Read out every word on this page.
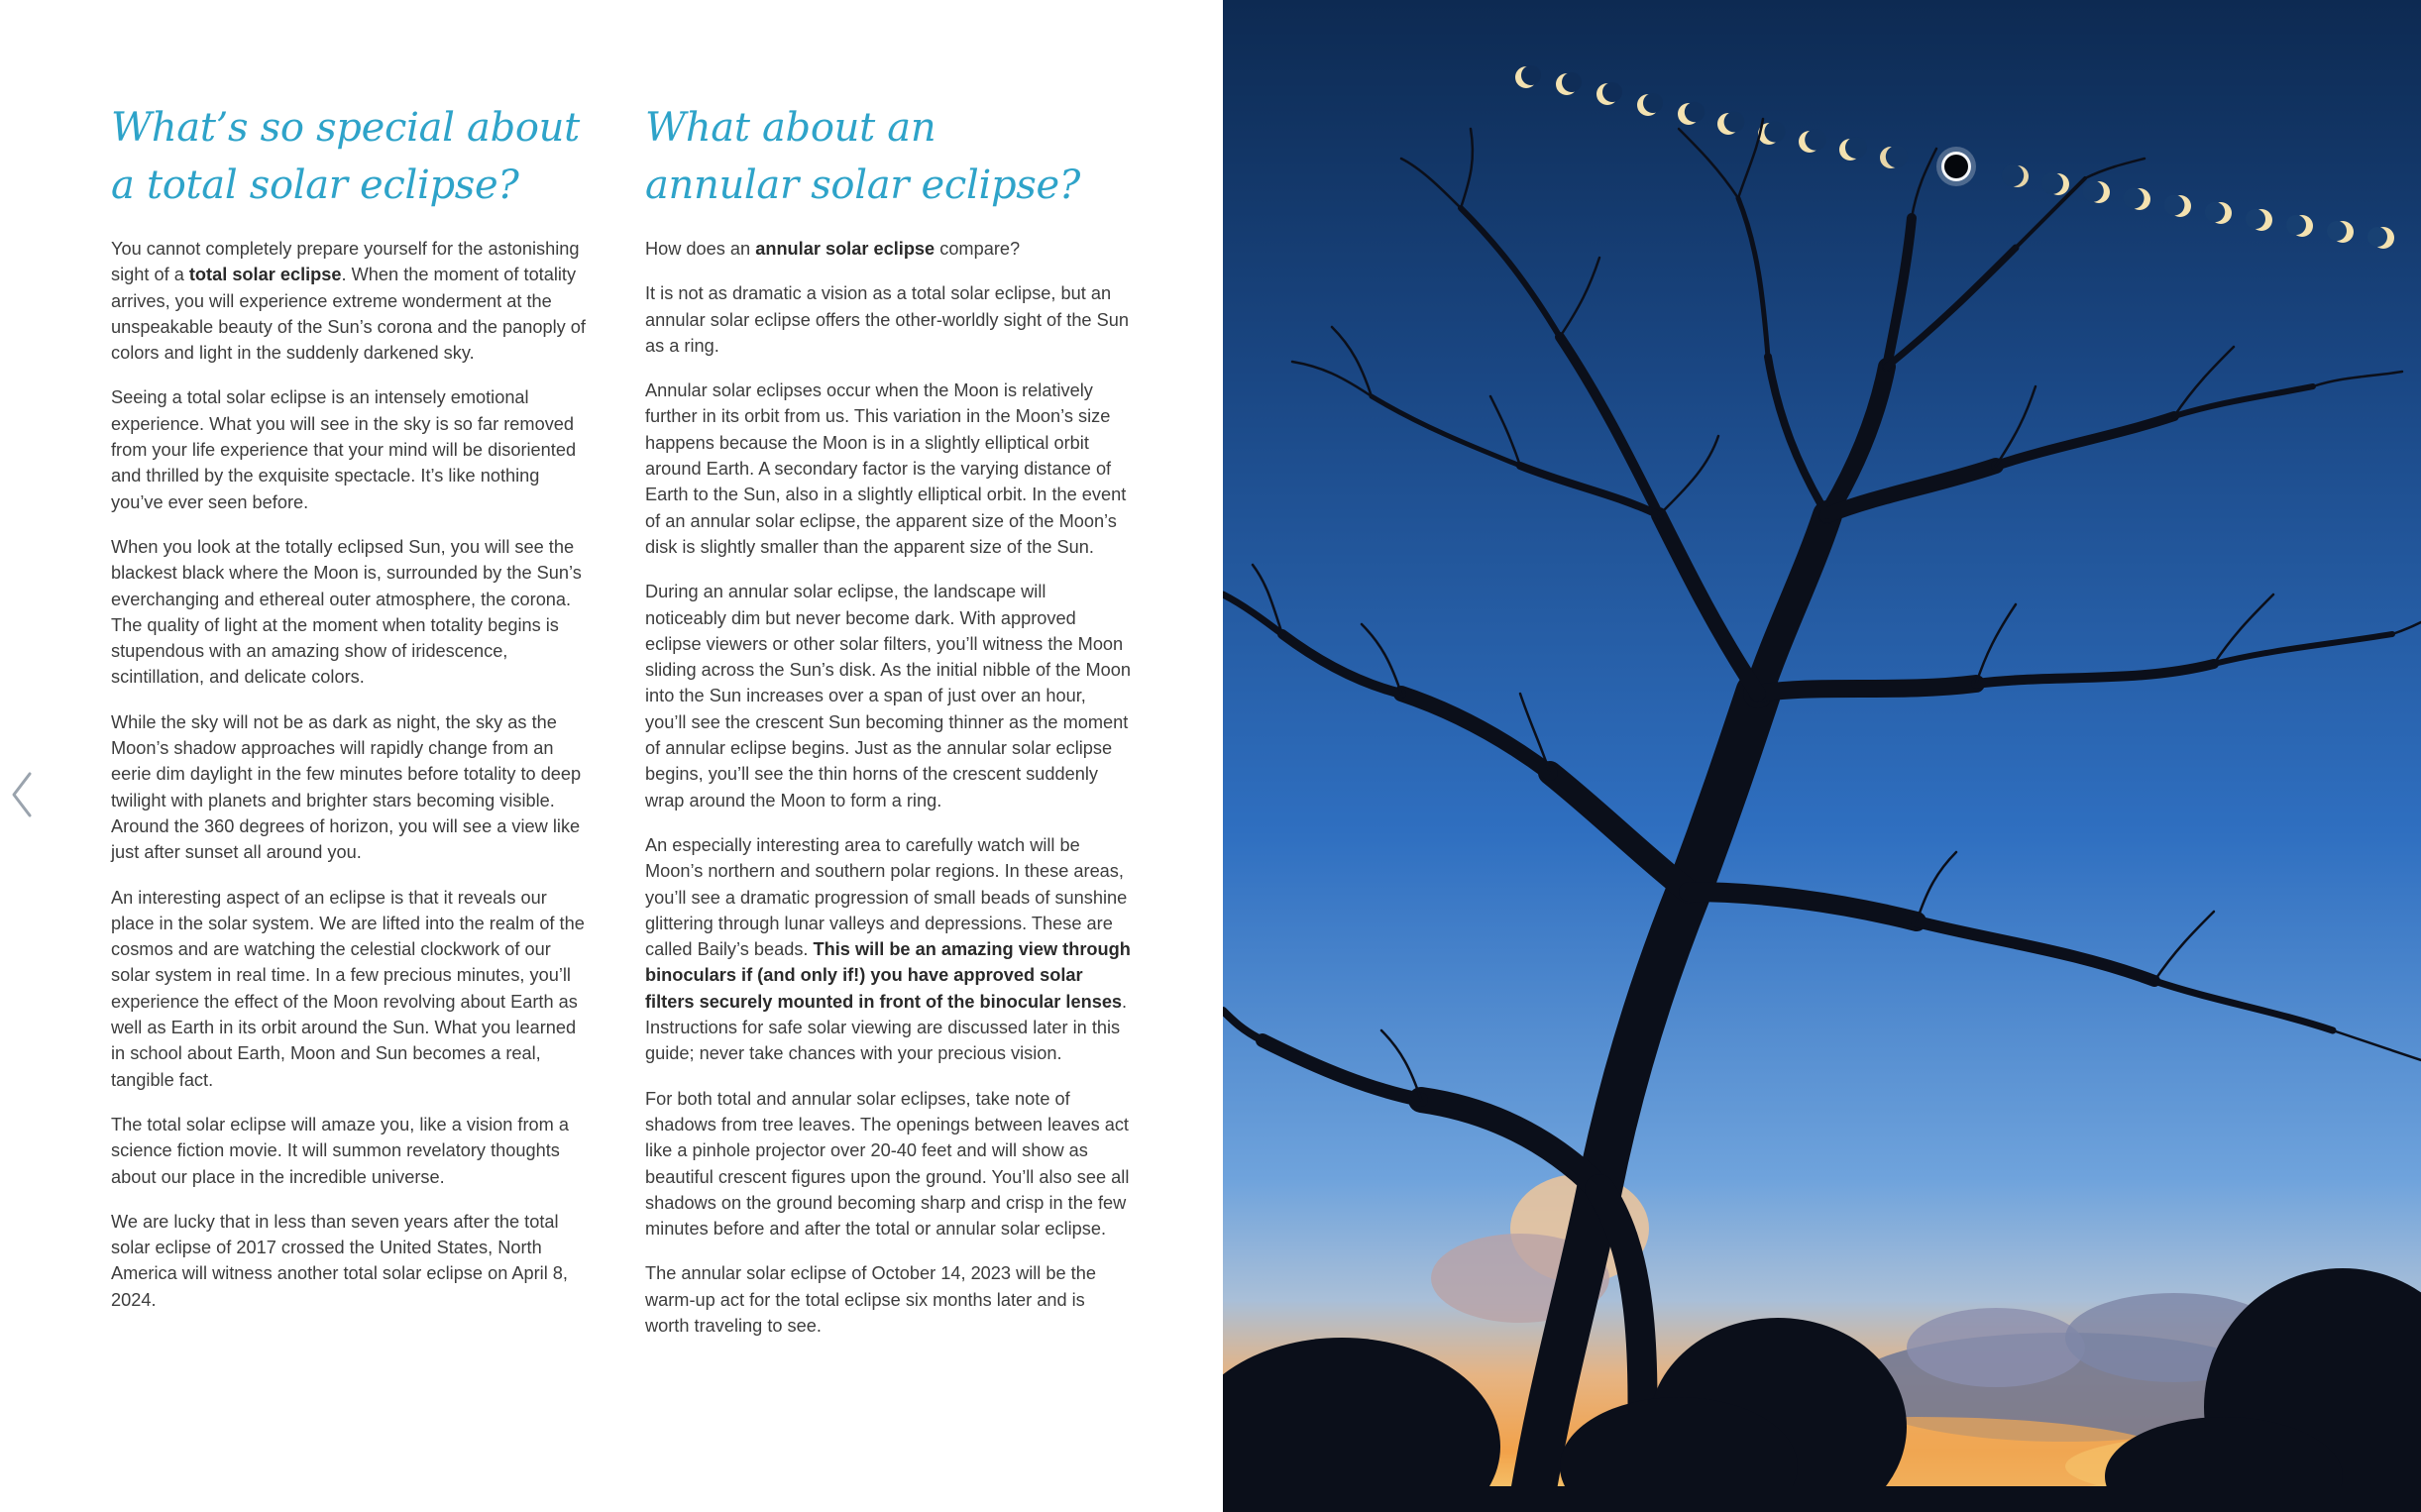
What’s so special about
a total solar eclipse?

You cannot completely prepare yourself for the astonishing sight of a total solar eclipse. When the moment of totality arrives, you will experience extreme wonderment at the unspeakable beauty of the Sun’s corona and the panoply of colors and light in the suddenly darkened sky.

Seeing a total solar eclipse is an intensely emotional experience. What you will see in the sky is so far removed from your life experience that your mind will be disoriented and thrilled by the exquisite spectacle. It’s like nothing you’ve ever seen before.

When you look at the totally eclipsed Sun, you will see the blackest black where the Moon is, surrounded by the Sun’s everchanging and ethereal outer atmosphere, the corona. The quality of light at the moment when totality begins is stupendous with an amazing show of iridescence, scintillation, and delicate colors.

While the sky will not be as dark as night, the sky as the Moon’s shadow approaches will rapidly change from an eerie dim daylight in the few minutes before totality to deep twilight with planets and brighter stars becoming visible. Around the 360 degrees of horizon, you will see a view like just after sunset all around you.

An interesting aspect of an eclipse is that it reveals our place in the solar system. We are lifted into the realm of the cosmos and are watching the celestial clockwork of our solar system in real time. In a few precious minutes, you’ll experience the effect of the Moon revolving about Earth as well as Earth in its orbit around the Sun. What you learned in school about Earth, Moon and Sun becomes a real, tangible fact.

The total solar eclipse will amaze you, like a vision from a science fiction movie. It will summon revelatory thoughts about our place in the incredible universe.

We are lucky that in less than seven years after the total solar eclipse of 2017 crossed the United States, North America will witness another total solar eclipse on April 8, 2024.

What about an
annular solar eclipse?

How does an annular solar eclipse compare?

It is not as dramatic a vision as a total solar eclipse, but an annular solar eclipse offers the other-worldly sight of the Sun as a ring.

Annular solar eclipses occur when the Moon is relatively further in its orbit from us. This variation in the Moon’s size happens because the Moon is in a slightly elliptical orbit around Earth. A secondary factor is the varying distance of Earth to the Sun, also in a slightly elliptical orbit. In the event of an annular solar eclipse, the apparent size of the Moon’s disk is slightly smaller than the apparent size of the Sun.

During an annular solar eclipse, the landscape will noticeably dim but never become dark. With approved eclipse viewers or other solar filters, you’ll witness the Moon sliding across the Sun’s disk. As the initial nibble of the Moon into the Sun increases over a span of just over an hour, you’ll see the crescent Sun becoming thinner as the moment of annular eclipse begins. Just as the annular solar eclipse begins, you’ll see the thin horns of the crescent suddenly wrap around the Moon to form a ring.

An especially interesting area to carefully watch will be Moon’s northern and southern polar regions. In these areas, you’ll see a dramatic progression of small beads of sunshine glittering through lunar valleys and depressions. These are called Baily’s beads. This will be an amazing view through binoculars if (and only if!) you have approved solar filters securely mounted in front of the binocular lenses. Instructions for safe solar viewing are discussed later in this guide; never take chances with your precious vision.

For both total and annular solar eclipses, take note of shadows from tree leaves. The openings between leaves act like a pinhole projector over 20-40 feet and will show as beautiful crescent figures upon the ground. You’ll also see all shadows on the ground becoming sharp and crisp in the few minutes before and after the total or annular solar eclipse.

The annular solar eclipse of October 14, 2023 will be the warm-up act for the total eclipse six months later and is worth traveling to see.
